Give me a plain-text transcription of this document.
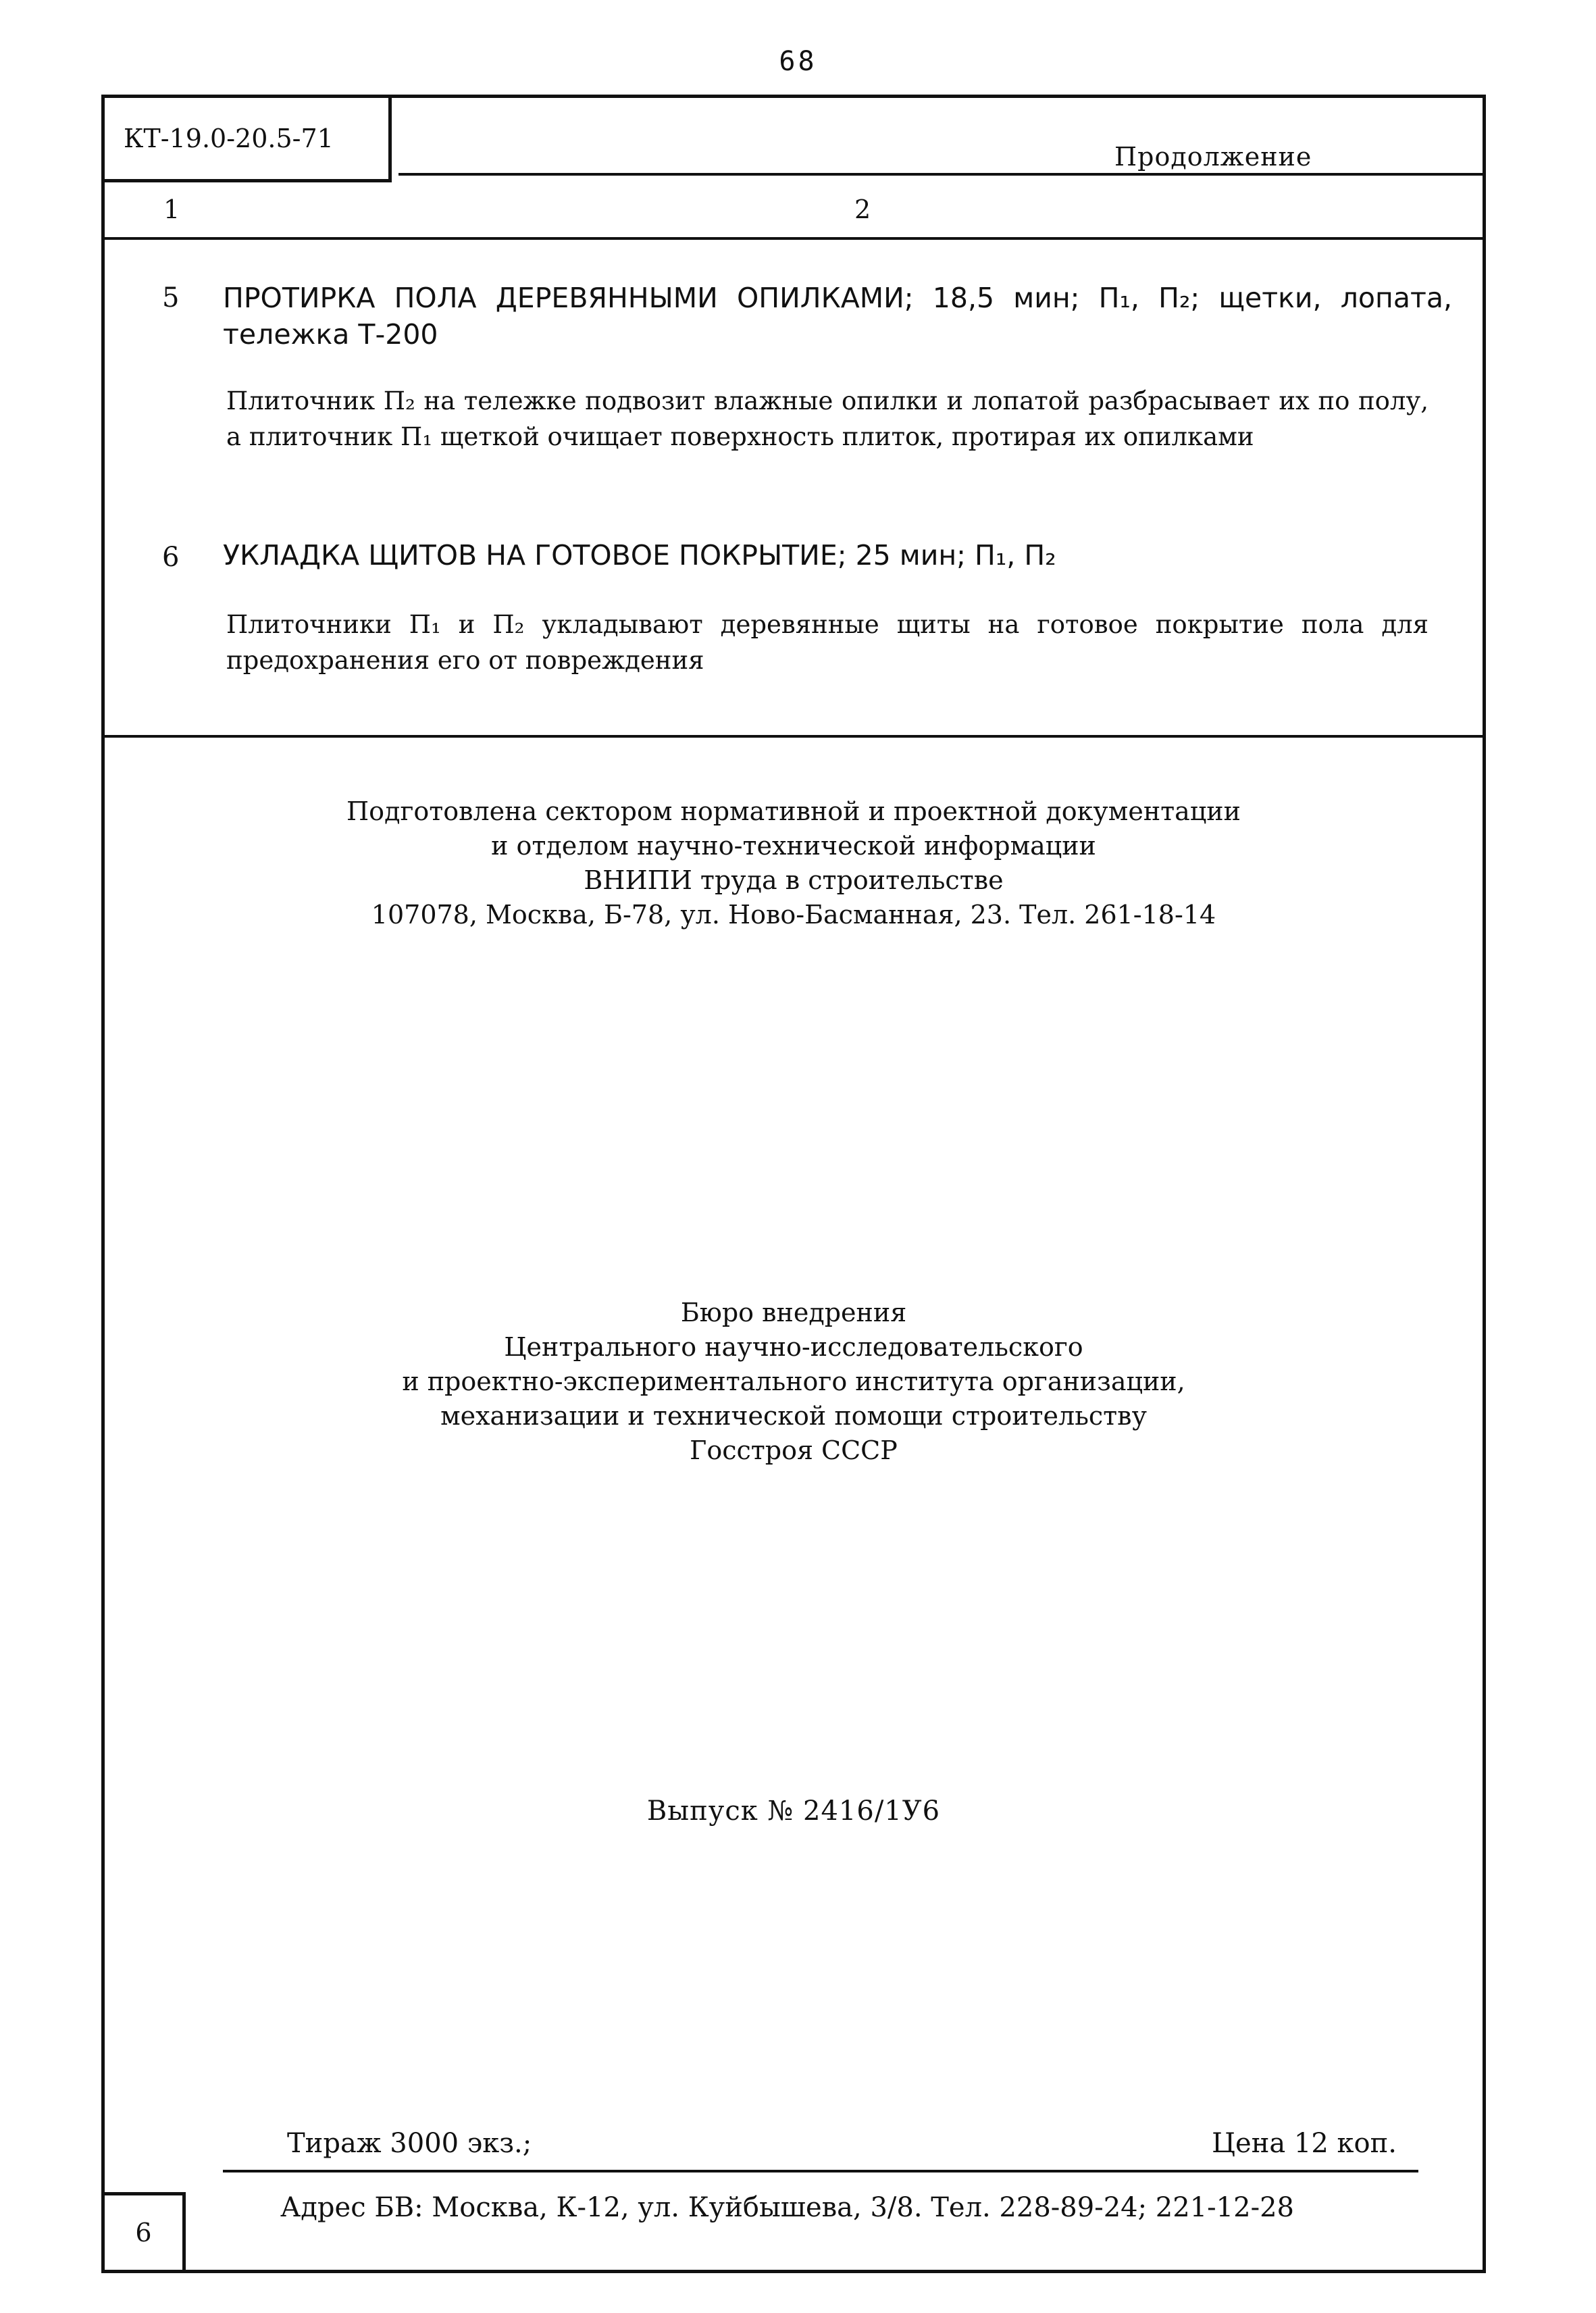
68
КТ-19.0-20.5-71
Продолжение
1	2
5 ПРОТИРКА ПОЛА ДЕРЕВЯННЫМИ ОПИЛКАМИ; 18,5 мин; П₁, П₂; щетки, лопата, тележка Т-200
Плиточник П₂ на тележке подвозит влажные опилки и лопатой разбрасывает их по полу, а плиточник П₁ щеткой очищает поверхность плиток, протирая их опилками
6 УКЛАДКА ЩИТОВ НА ГОТОВОЕ ПОКРЫТИЕ; 25 мин; П₁, П₂
Плиточники П₁ и П₂ укладывают деревянные щиты на готовое покрытие пола для предохранения его от повреждения
Подготовлена сектором нормативной и проектной документации
и отделом научно-технической информации
ВНИПИ труда в строительстве
107078, Москва, Б-78, ул. Ново-Басманная, 23. Тел. 261-18-14
Бюро внедрения
Центрального научно-исследовательского
и проектно-экспериментального института организации,
механизации и технической помощи строительству
Госстроя СССР
Выпуск № 2416/1У6
Тираж 3000 экз.;	Цена 12 коп.
Адрес БВ: Москва, К-12, ул. Куйбышева, 3/8. Тел. 228-89-24; 221-12-28
6
